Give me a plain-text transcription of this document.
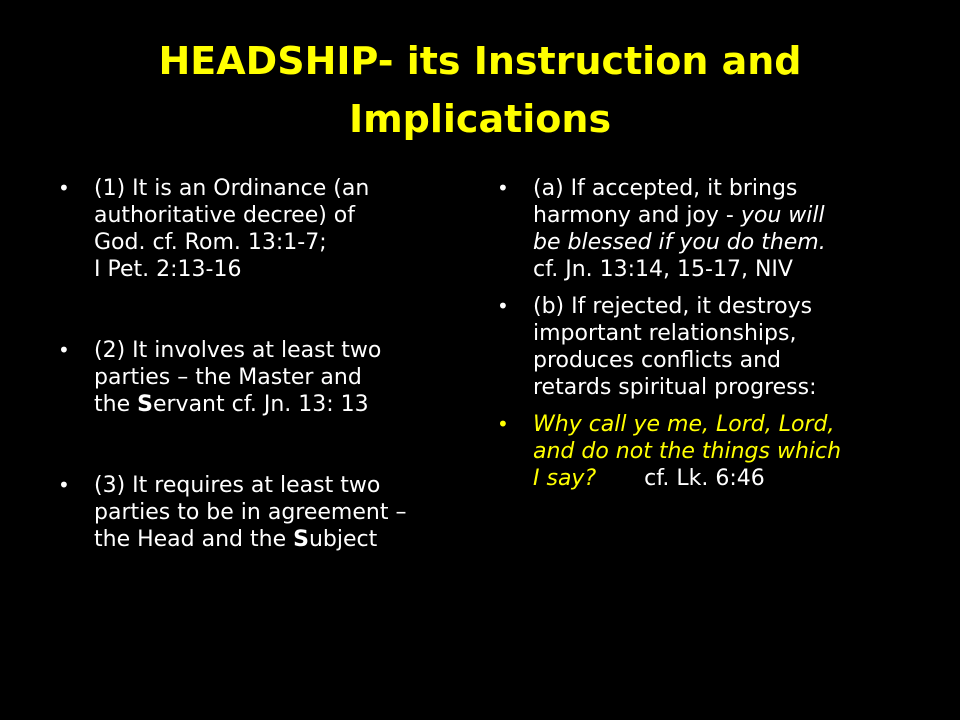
HEADSHIP- its Instruction and
Implications
• (1) It is an Ordinance (an
authoritative decree) of
God. cf. Rom. 13:1-7;
I Pet. 2:13-16
• (2) It involves at least two
parties – the Master and
the Servant cf. Jn. 13: 13
• (3) It requires at least two
parties to be in agreement –
the Head and the Subject
• (a) If accepted, it brings
harmony and joy - you will
be blessed if you do them.
cf. Jn. 13:14, 15-17, NIV
• (b) If rejected, it destroys
important relationships,
produces conflicts and
retards spiritual progress:
• Why call ye me, Lord, Lord,
and do not the things which
I say? cf. Lk. 6:46
